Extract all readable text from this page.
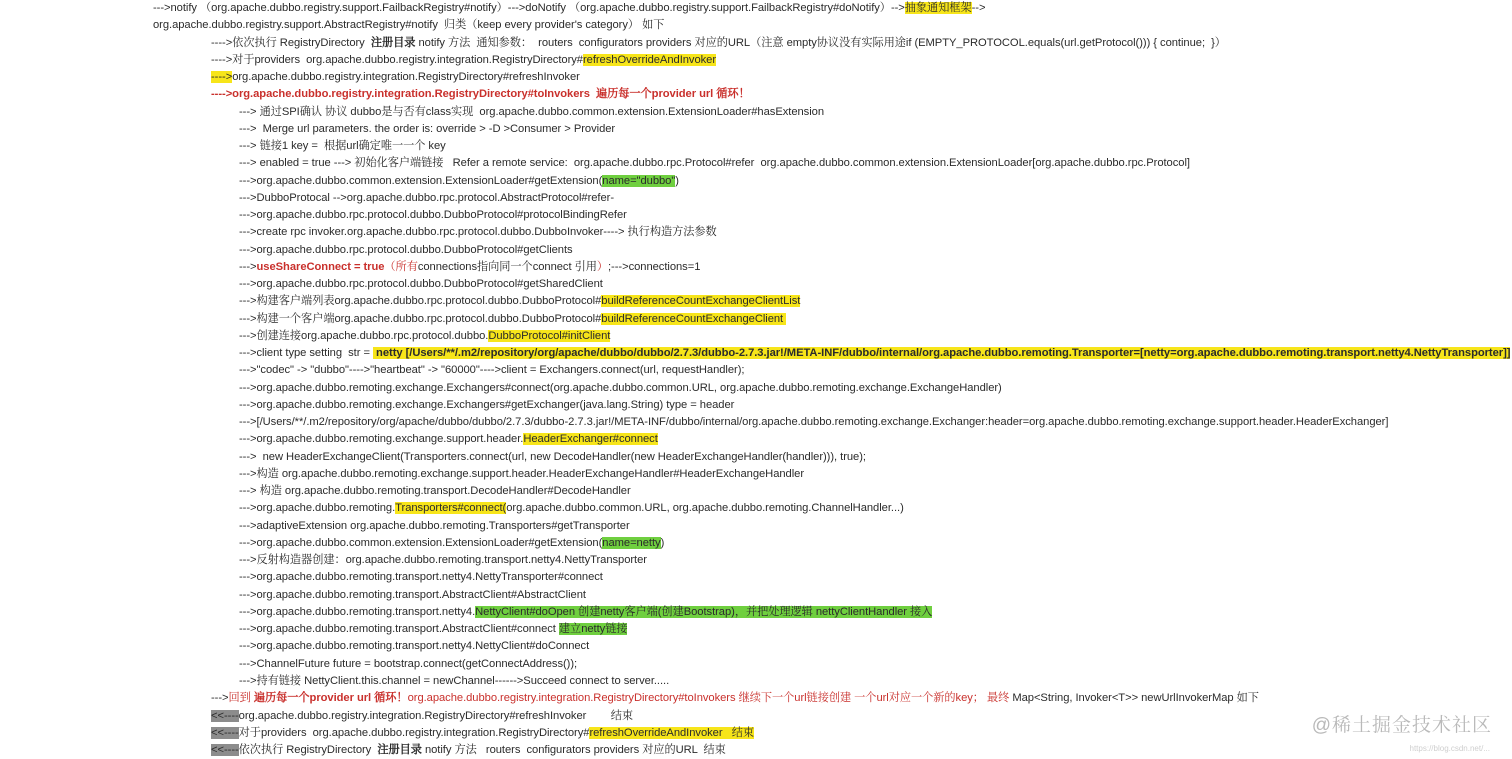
--->notify （org.apache.dubbo.registry.support.FailbackRegistry#notify）--->doNotify （org.apache.dubbo.registry.support.FailbackRegistry#doNotify）-->抽象通知框架-->
org.apache.dubbo.registry.support.AbstractRegistry#notify  归类（keep every provider's category） 如下
---->依次执行 RegistryDirectory  注册目录 notify 方法  通知参数：  routers  configurators providers 对应的URL（注意 empty协议没有实际用途if (EMPTY_PROTOCOL.equals(url.getProtocol())) { continue;  }）
---->对于providers  org.apache.dubbo.registry.integration.RegistryDirectory#refreshOverrideAndInvoker
---->org.apache.dubbo.registry.integration.RegistryDirectory#refreshInvoker
---->org.apache.dubbo.registry.integration.RegistryDirectory#toInvokers  遍历每一个provider url 循环！
---> 通过SPI确认 协议 dubbo是与否有class实现  org.apache.dubbo.common.extension.ExtensionLoader#hasExtension
--->  Merge url parameters. the order is: override > -D >Consumer > Provider
---> 链接1 key =  根据url确定唯一一个 key
---> enabled = true ---> 初始化客户端链接   Refer a remote service:  org.apache.dubbo.rpc.Protocol#refer  org.apache.dubbo.common.extension.ExtensionLoader[org.apache.dubbo.rpc.Protocol]
--->org.apache.dubbo.common.extension.ExtensionLoader#getExtension(name="dubbo")
--->DubboProtocal -->org.apache.dubbo.rpc.protocol.AbstractProtocol#refer-
--->org.apache.dubbo.rpc.protocol.dubbo.DubboProtocol#protocolBindingRefer
--->create rpc invoker.org.apache.dubbo.rpc.protocol.dubbo.DubboInvoker----> 执行构造方法参数
--->org.apache.dubbo.rpc.protocol.dubbo.DubboProtocol#getClients
--->useShareConnect = true（所有connections指向同一个connect 引用）;--->connections=1
--->org.apache.dubbo.rpc.protocol.dubbo.DubboProtocol#getSharedClient
--->构建客户端列表org.apache.dubbo.rpc.protocol.dubbo.DubboProtocol#buildReferenceCountExchangeClientList
--->构建一个客户端org.apache.dubbo.rpc.protocol.dubbo.DubboProtocol#buildReferenceCountExchangeClient
--->创建连接org.apache.dubbo.rpc.protocol.dubbo.DubboProtocol#initClient
--->client type setting  str =  netty [/Users/**/.m2/repository/org/apache/dubbo/dubbo/2.7.3/dubbo-2.7.3.jar!/META-INF/dubbo/internal/org.apache.dubbo.remoting.Transporter=[netty=org.apache.dubbo.remoting.transport.netty4.NettyTransporter]]
--->"codec" -> "dubbo"---->"heartbeat" -> "60000"---->client = Exchangers.connect(url, requestHandler);
--->org.apache.dubbo.remoting.exchange.Exchangers#connect(org.apache.dubbo.common.URL, org.apache.dubbo.remoting.exchange.ExchangeHandler)
--->org.apache.dubbo.remoting.exchange.Exchangers#getExchanger(java.lang.String) type = header
--->[/Users/**/.m2/repository/org/apache/dubbo/dubbo/2.7.3/dubbo-2.7.3.jar!/META-INF/dubbo/internal/org.apache.dubbo.remoting.exchange.Exchanger:header=org.apache.dubbo.remoting.exchange.support.header.HeaderExchanger]
--->org.apache.dubbo.remoting.exchange.support.header.HeaderExchanger#connect
--->  new HeaderExchangeClient(Transporters.connect(url, new DecodeHandler(new HeaderExchangeHandler(handler))), true);
--->构造 org.apache.dubbo.remoting.exchange.support.header.HeaderExchangeHandler#HeaderExchangeHandler
---> 构造 org.apache.dubbo.remoting.transport.DecodeHandler#DecodeHandler
--->org.apache.dubbo.remoting.Transporters#connect(org.apache.dubbo.common.URL, org.apache.dubbo.remoting.ChannelHandler...)
--->adaptiveExtension org.apache.dubbo.remoting.Transporters#getTransporter
--->org.apache.dubbo.common.extension.ExtensionLoader#getExtension(name=netty)
--->反射构造器创建：org.apache.dubbo.remoting.transport.netty4.NettyTransporter
--->org.apache.dubbo.remoting.transport.netty4.NettyTransporter#connect
--->org.apache.dubbo.remoting.transport.AbstractClient#AbstractClient
--->org.apache.dubbo.remoting.transport.netty4.NettyClient#doOpen 创建netty客户端(创建Bootstrap)，并把处理逻辑 nettyClientHandler 接入
--->org.apache.dubbo.remoting.transport.AbstractClient#connect 建立netty链接
--->org.apache.dubbo.remoting.transport.netty4.NettyClient#doConnect
--->ChannelFuture future = bootstrap.connect(getConnectAddress());
--->持有链接 NettyClient.this.channel = newChannel------>Succeed connect to server.....
--->回到 遍历每一个provider url 循环！org.apache.dubbo.registry.integration.RegistryDirectory#toInvokers 继续下一个url链接创建 一个url对应一个新的key； 最终 Map<String, Invoker<T>> newUrlInvokerMap 如下
<<----org.apache.dubbo.registry.integration.RegistryDirectory#refreshInvoker        结束
<<----对于providers  org.apache.dubbo.registry.integration.RegistryDirectory#refreshOverrideAndInvoker   结束
<<----依次执行 RegistryDirectory  注册目录 notify 方法   routers  configurators providers 对应的URL  结束
@稀土掘金技术社区
https://blog.csdn.net/...
